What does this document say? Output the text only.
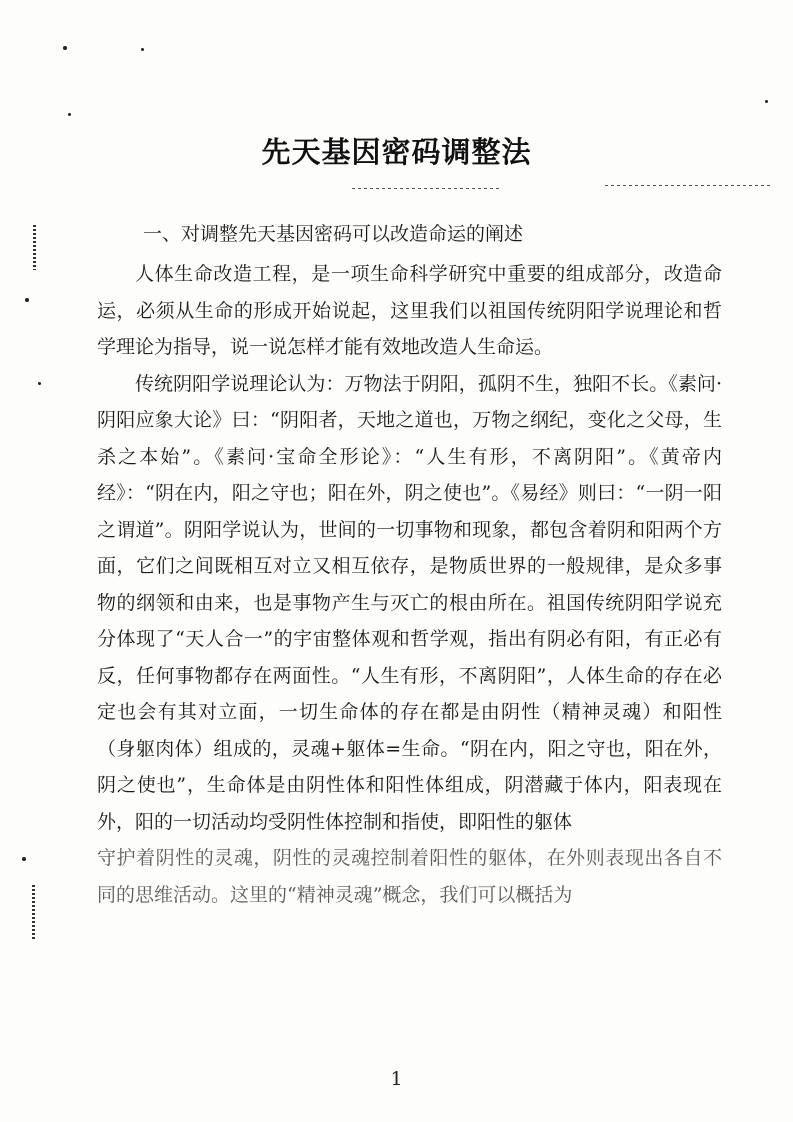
先天基因密码调整法
一、对调整先天基因密码可以改造命运的阐述

人体生命改造工程，是一项生命科学研究中重要的组成部分，改造命运，必须从生命的形成开始说起，这里我们以祖国传统阴阳学说理论和哲学理论为指导，说一说怎样才能有效地改造人生命运。

传统阴阳学说理论认为：万物法于阴阳，孤阴不生，独阳不长。《素问·阴阳应象大论》曰：“阴阳者，天地之道也，万物之纲纪，变化之父母，生杀之本始”。《素问·宝命全形论》：“人生有形，不离阴阳”。《黄帝内经》：“阴在内，阳之守也；阳在外，阴之使也”。《易经》则曰：“一阴一阳之谓道”。阴阳学说认为，世间的一切事物和现象，都包含着阴和阳两个方面，它们之间既相互对立又相互依存，是物质世界的一般规律，是众多事物的纲领和由来，也是事物产生与灭亡的根由所在。祖国传统阴阳学说充分体现了“天人合一”的宇宙整体观和哲学观，指出有阴必有阳，有正必有反，任何事物都存在两面性。“人生有形，不离阴阳”，人体生命的存在必定也会有其对立面，一切生命体的存在都是由阴性（精神灵魂）和阳性（身躯肉体）组成的，灵魂+躯体=生命。“阴在内，阳之守也，阳在外，阴之使也”，生命体是由阴性体和阳性体组成，阴潜藏于体内，阳表现在外，阳的一切活动均受阴性体控制和指使，即阳性的躯体

守护着阴性的灵魂，阴性的灵魂控制着阳性的躯体，在外则表现出各自不同的思维活动。这里的“精神灵魂”概念，我们可以概括为

1
